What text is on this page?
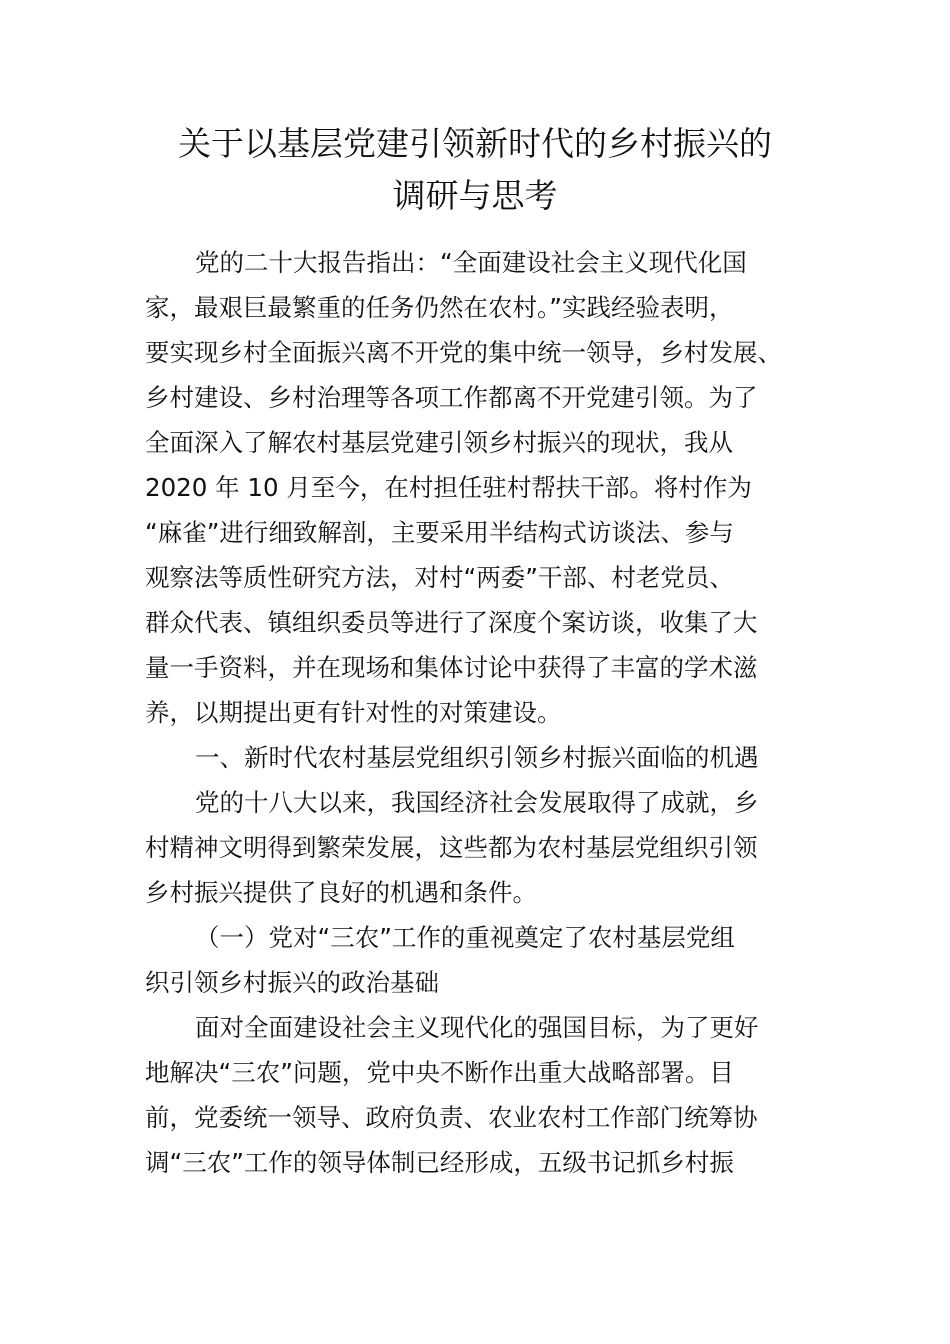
关于以基层党建引领新时代的乡村振兴的
调研与思考

党的二十大报告指出：“全面建设社会主义现代化国
家，最艰巨最繁重的任务仍然在农村。”实践经验表明，
要实现乡村全面振兴离不开党的集中统一领导，乡村发展、
乡村建设、乡村治理等各项工作都离不开党建引领。为了
全面深入了解农村基层党建引领乡村振兴的现状，我从
2020 年 10 月至今，在村担任驻村帮扶干部。将村作为
“麻雀”进行细致解剖，主要采用半结构式访谈法、参与
观察法等质性研究方法，对村“两委”干部、村老党员、
群众代表、镇组织委员等进行了深度个案访谈，收集了大
量一手资料，并在现场和集体讨论中获得了丰富的学术滋
养，以期提出更有针对性的对策建设。

一、新时代农村基层党组织引领乡村振兴面临的机遇

党的十八大以来，我国经济社会发展取得了成就，乡
村精神文明得到繁荣发展，这些都为农村基层党组织引领
乡村振兴提供了良好的机遇和条件。

（一）党对“三农”工作的重视奠定了农村基层党组
织引领乡村振兴的政治基础

面对全面建设社会主义现代化的强国目标，为了更好
地解决“三农”问题，党中央不断作出重大战略部署。目
前，党委统一领导、政府负责、农业农村工作部门统筹协
调“三农”工作的领导体制已经形成，五级书记抓乡村振
